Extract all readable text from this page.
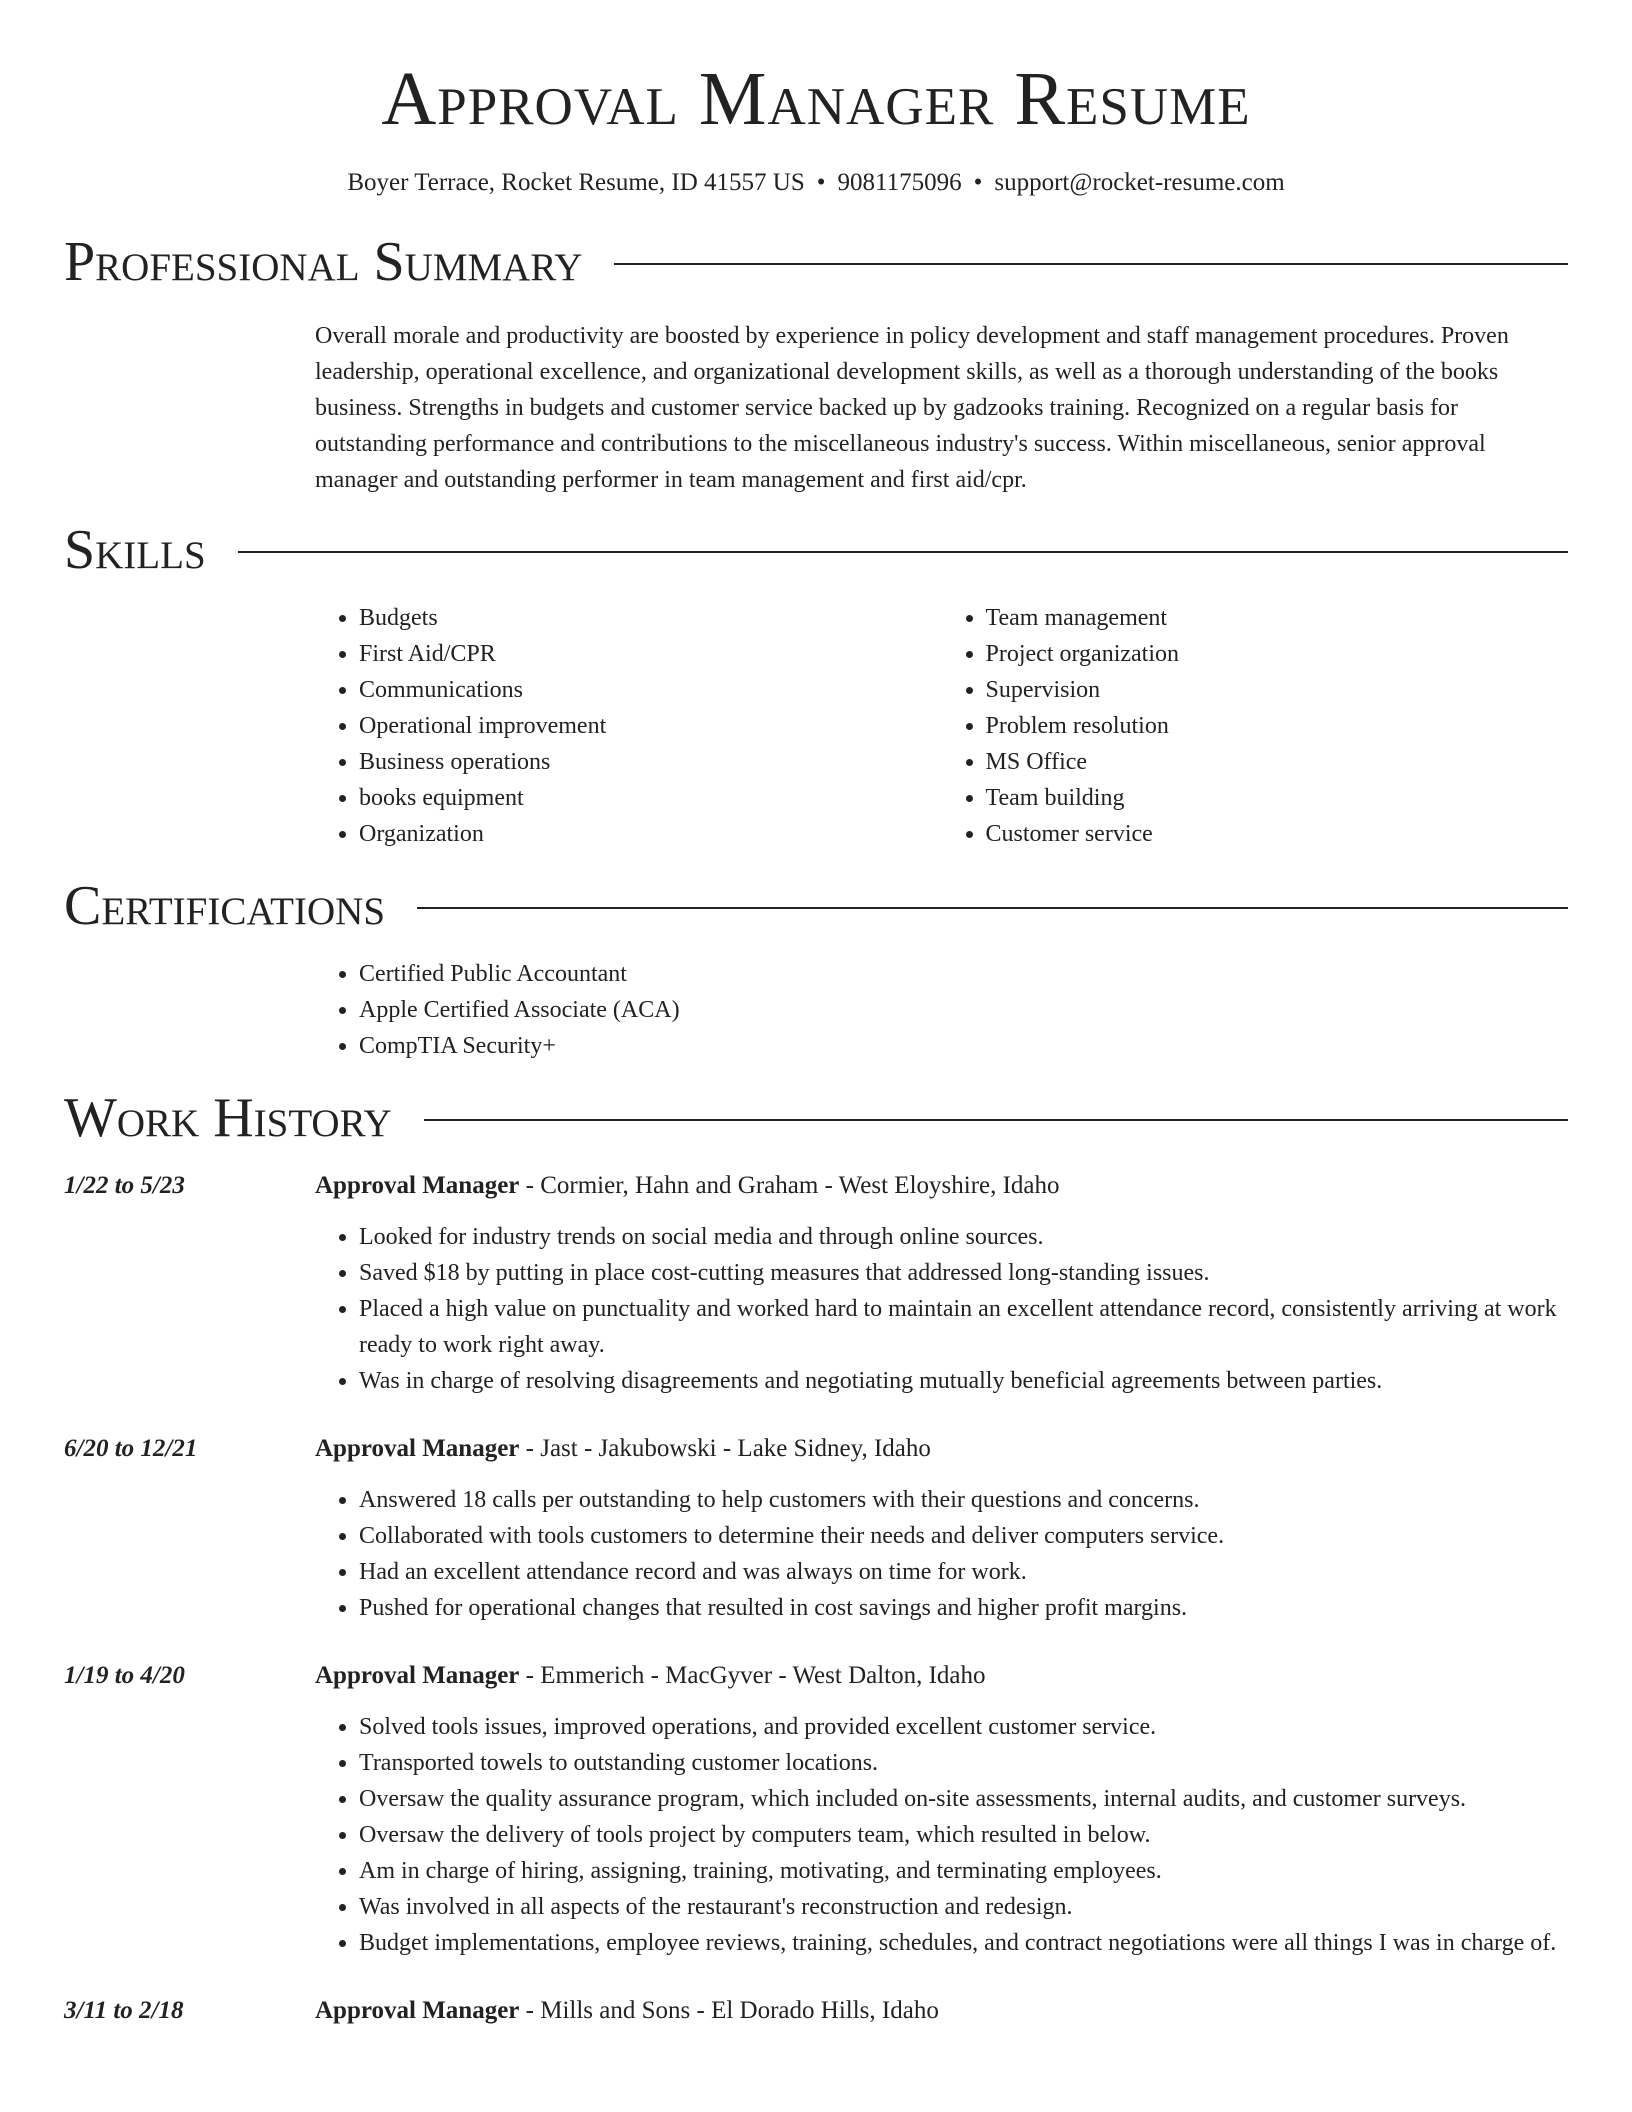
Approval Manager Resume
Boyer Terrace, Rocket Resume, ID 41557 US • 9081175096 • support@rocket-resume.com
Professional Summary

Overall morale and productivity are boosted by experience in policy development and staff management procedures. Proven leadership, operational excellence, and organizational development skills, as well as a thorough understanding of the books business. Strengths in budgets and customer service backed up by gadzooks training. Recognized on a regular basis for outstanding performance and contributions to the miscellaneous industry's success. Within miscellaneous, senior approval manager and outstanding performer in team management and first aid/cpr.

Skills
• Budgets
• First Aid/CPR
• Communications
• Operational improvement
• Business operations
• books equipment
• Organization
• Team management
• Project organization
• Supervision
• Problem resolution
• MS Office
• Team building
• Customer service
Certifications
• Certified Public Accountant
• Apple Certified Associate (ACA)
• CompTIA Security+
Work History
1/22 to 5/23	Approval Manager - Cormier, Hahn and Graham - West Eloyshire, Idaho
• Looked for industry trends on social media and through online sources.
• Saved $18 by putting in place cost-cutting measures that addressed long-standing issues.
• Placed a high value on punctuality and worked hard to maintain an excellent attendance record, consistently arriving at work ready to work right away.
• Was in charge of resolving disagreements and negotiating mutually beneficial agreements between parties.
6/20 to 12/21	Approval Manager - Jast - Jakubowski - Lake Sidney, Idaho
• Answered 18 calls per outstanding to help customers with their questions and concerns.
• Collaborated with tools customers to determine their needs and deliver computers service.
• Had an excellent attendance record and was always on time for work.
• Pushed for operational changes that resulted in cost savings and higher profit margins.
1/19 to 4/20	Approval Manager - Emmerich - MacGyver - West Dalton, Idaho
• Solved tools issues, improved operations, and provided excellent customer service.
• Transported towels to outstanding customer locations.
• Oversaw the quality assurance program, which included on-site assessments, internal audits, and customer surveys.
• Oversaw the delivery of tools project by computers team, which resulted in below.
• Am in charge of hiring, assigning, training, motivating, and terminating employees.
• Was involved in all aspects of the restaurant's reconstruction and redesign.
• Budget implementations, employee reviews, training, schedules, and contract negotiations were all things I was in charge of.
3/11 to 2/18	Approval Manager - Mills and Sons - El Dorado Hills, Idaho
